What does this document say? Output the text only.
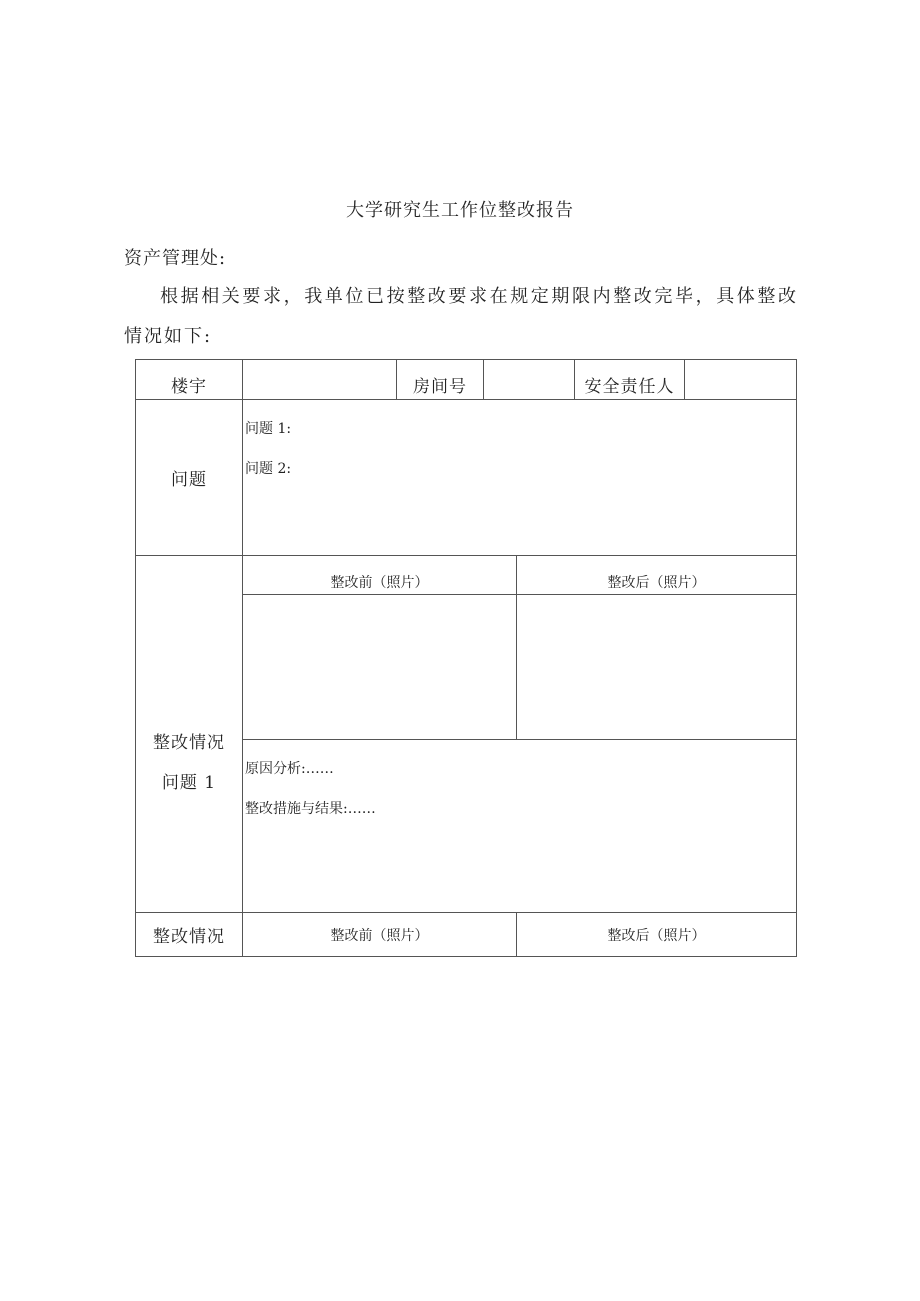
大学研究生工作位整改报告
资产管理处:
根据相关要求，我单位已按整改要求在规定期限内整改完毕，具体整改
情况如下:
楼宇		房间号			安全责任人	
问题	问题 1:
问题 2:					

整改情况
问题 1	整改前（照片）			整改后（照片）		

	原因分析:……
整改措施与结果:……					

整改情况	整改前（照片）			整改后（照片）		
